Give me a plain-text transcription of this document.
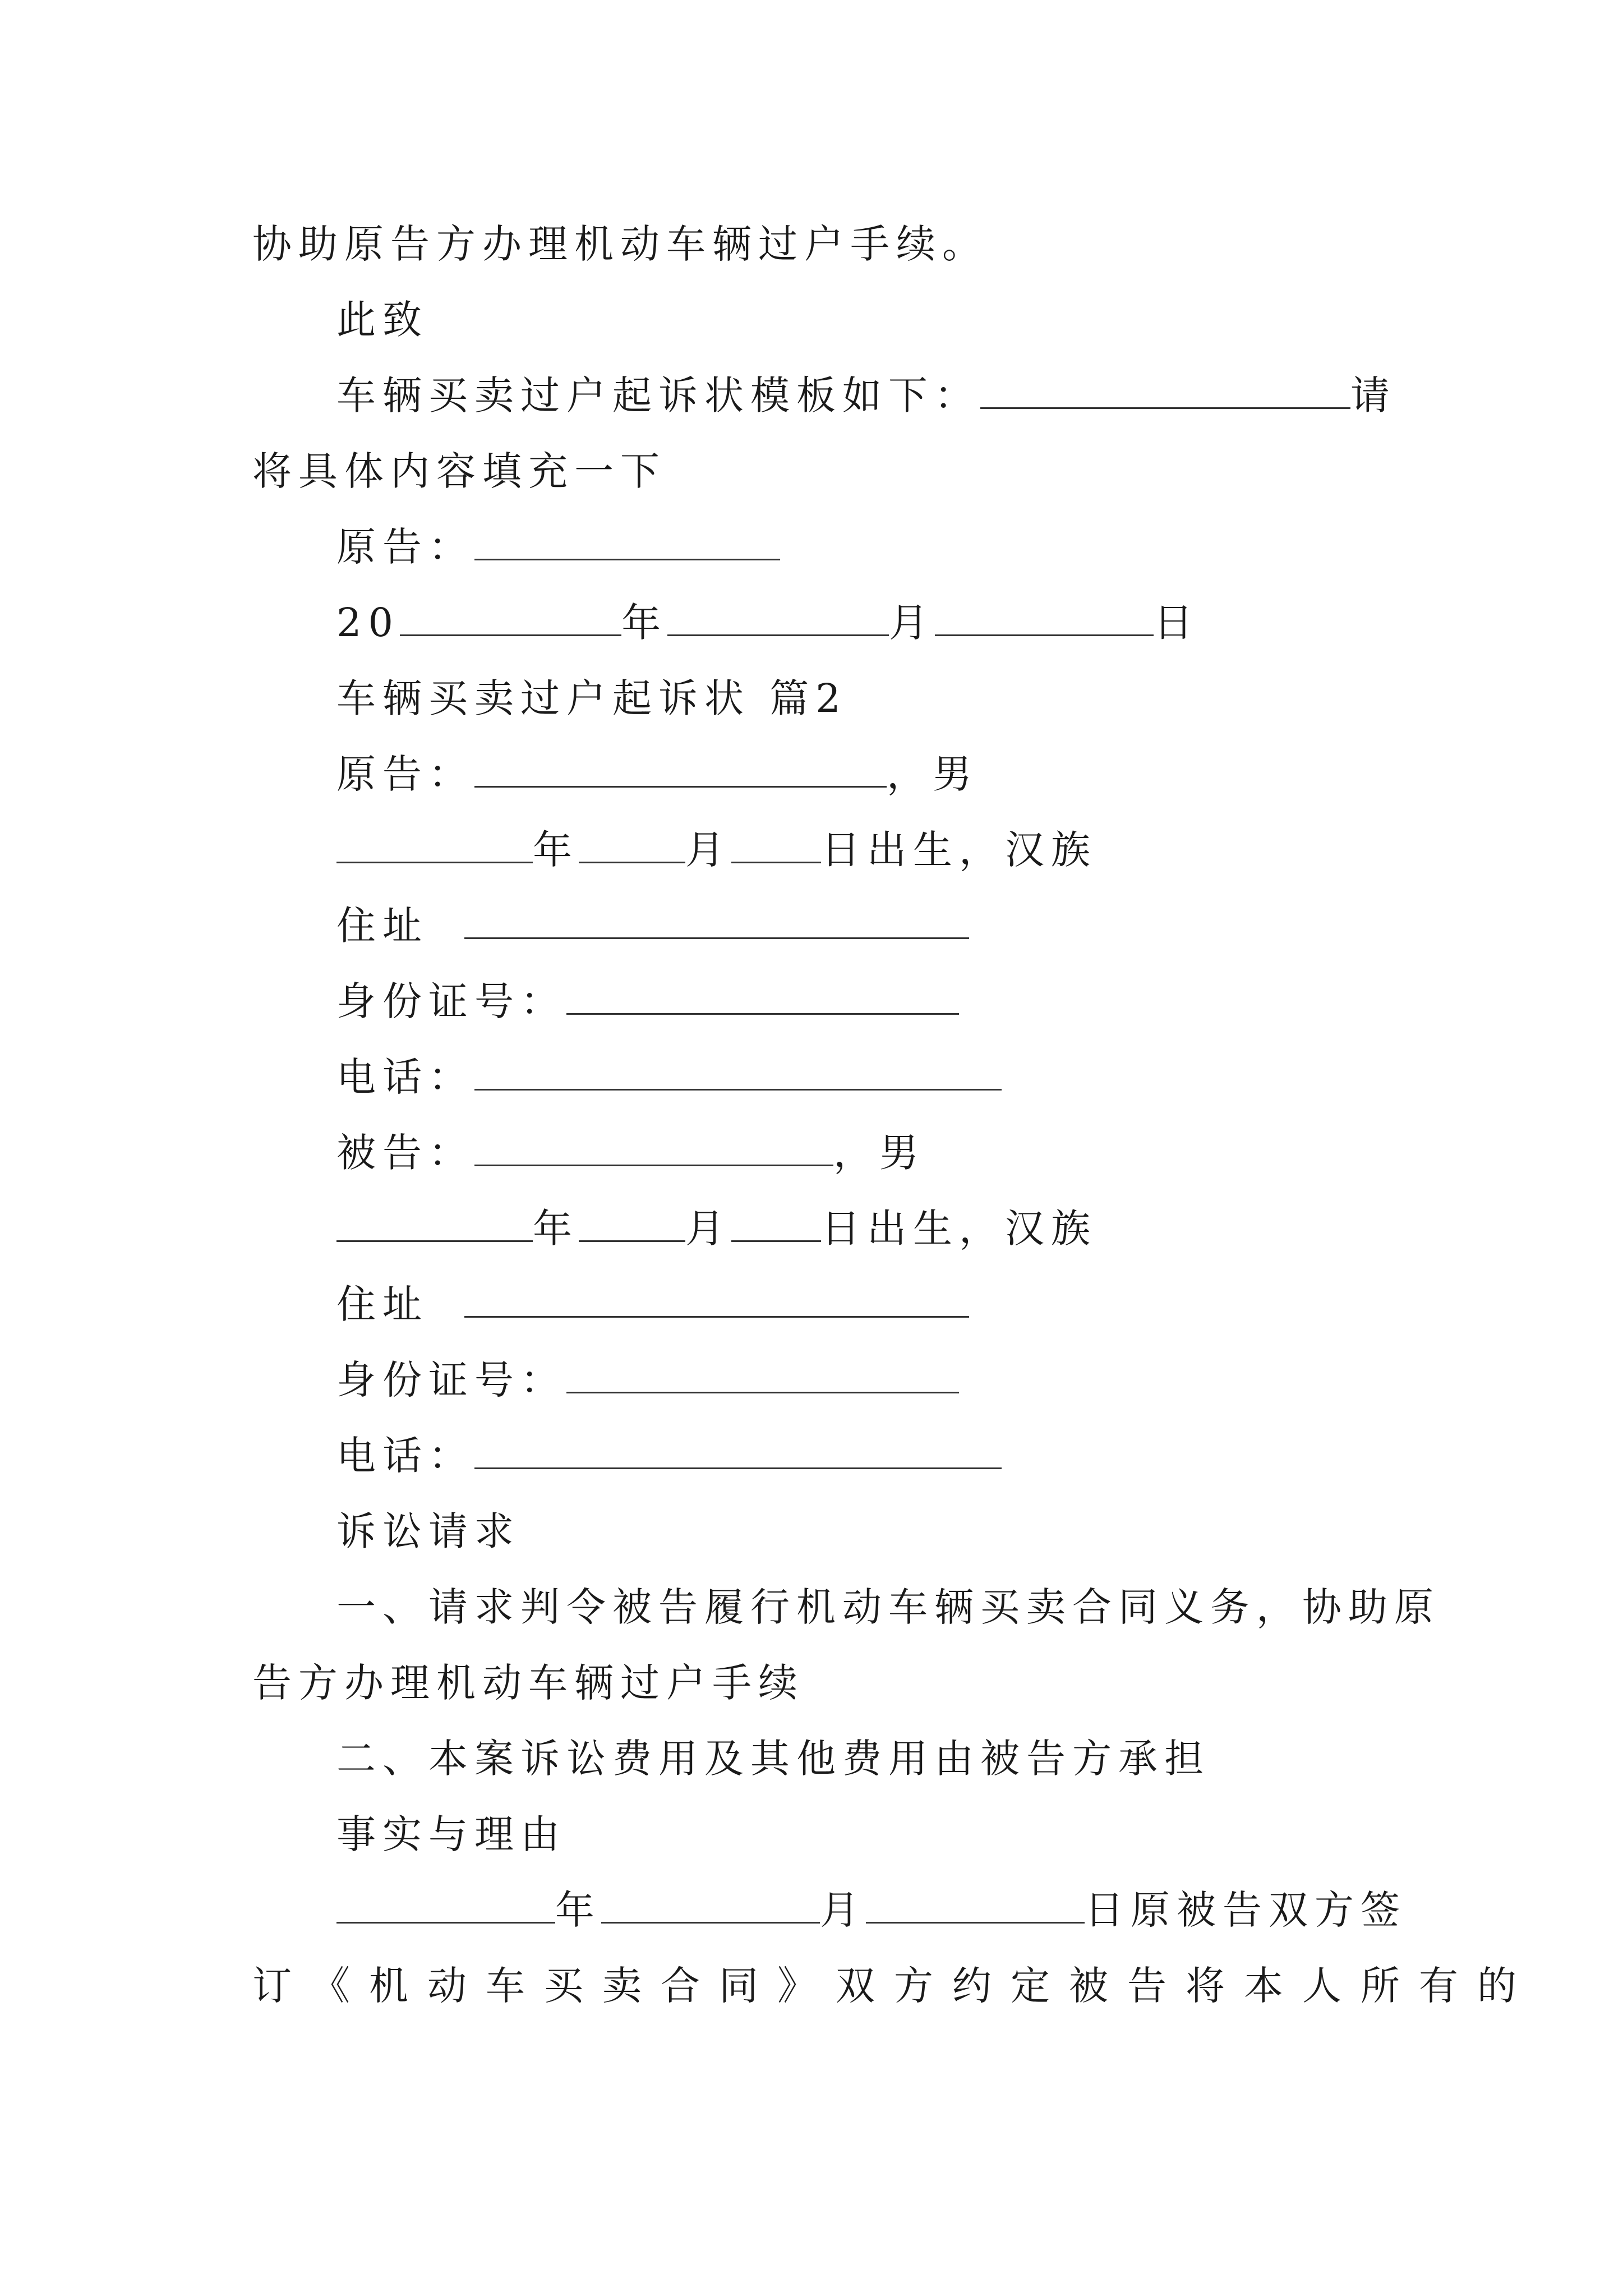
协助原告方办理机动车辆过户手续。
此致
车辆买卖过户起诉状模板如下：	请
将具体内容填充一下
原告：
20	年	月	日
车辆买卖过户起诉状 篇2
原告：	，男
年	月 日出生，汉族
住址
身份证号：
电话：
被告：	，男
年	月 日出生，汉族
住址
身份证号：
电话：
诉讼请求
一、请求判令被告履行机动车辆买卖合同义务，协助原
告方办理机动车辆过户手续
二、本案诉讼费用及其他费用由被告方承担
事实与理由
年	月	日原被告双方签
订《机动车买卖合同》双方约定被告将本人所有的
